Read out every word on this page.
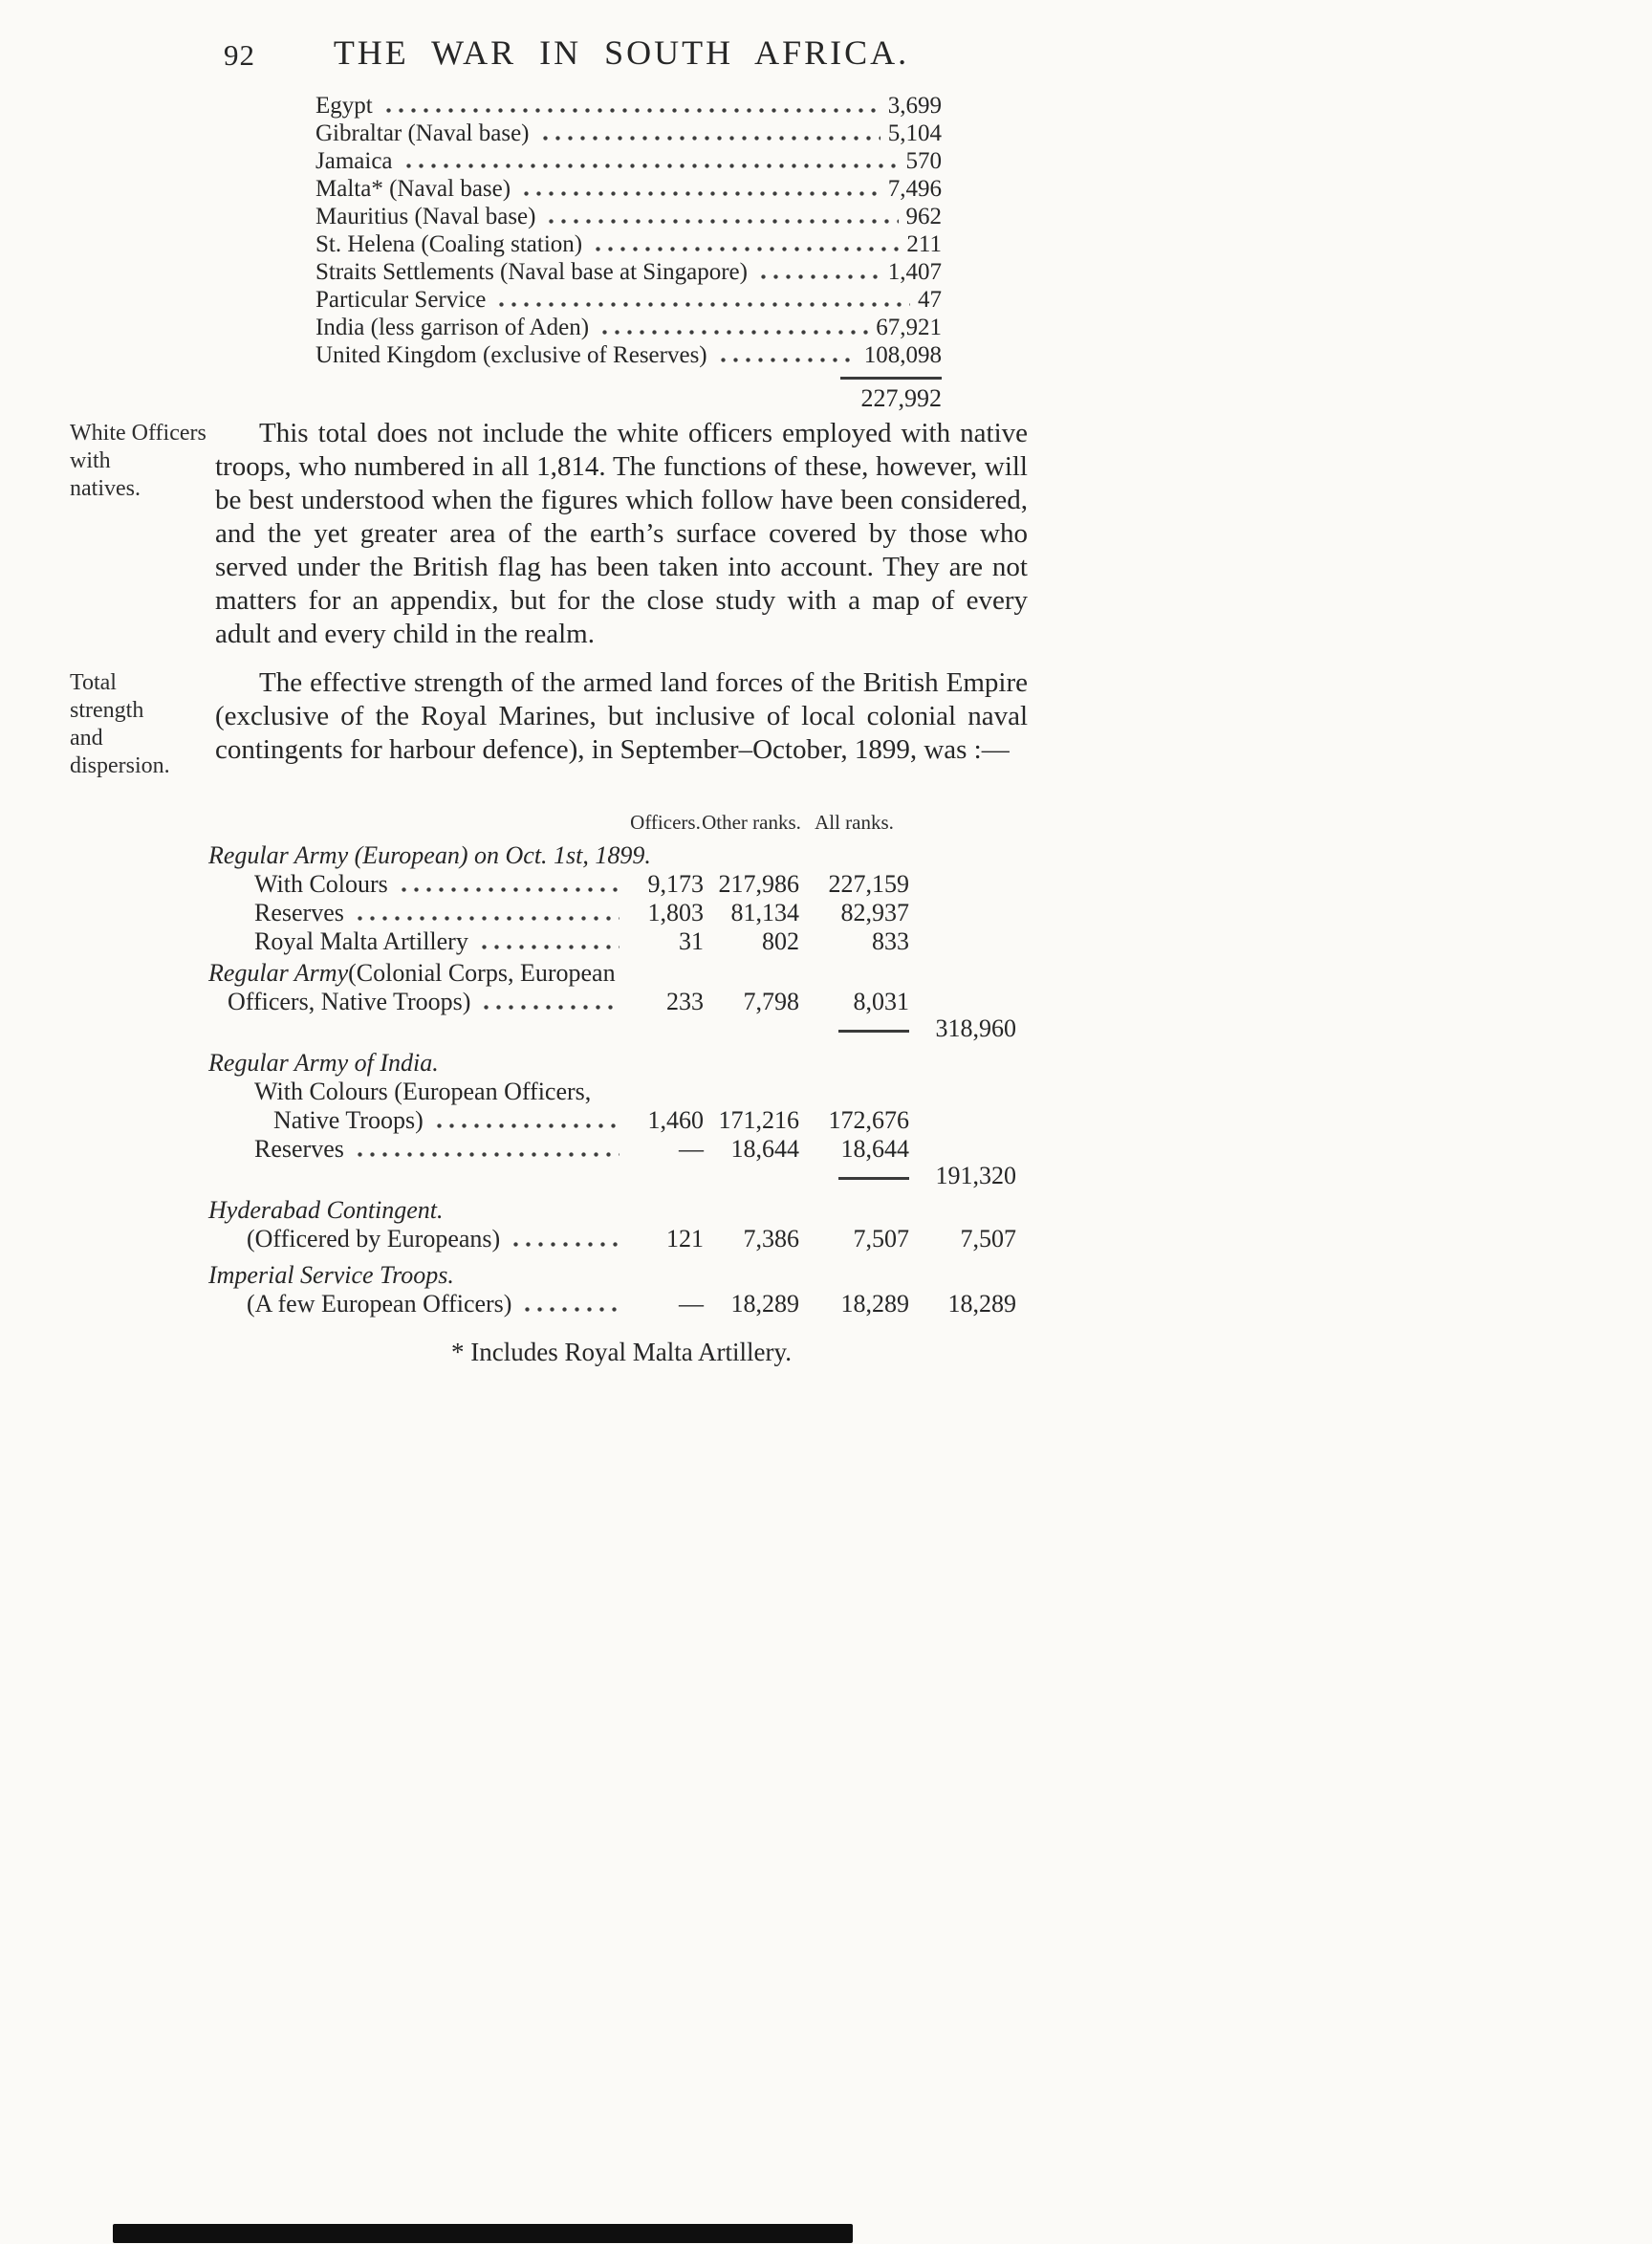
92	THE WAR IN SOUTH AFRICA.
Egypt	3,699
Gibraltar (Naval base)	5,104
Jamaica	570
Malta* (Naval base)	7,496
Mauritius (Naval base)	962
St. Helena (Coaling station)	211
Straits Settlements (Naval base at Singapore)	1,407
Particular Service	47
India (less garrison of Aden)	67,921
United Kingdom (exclusive of Reserves)	108,098
227,992
White Officers
with
natives.

This total does not include the white officers employed with native troops, who numbered in all 1,814. The functions of these, however, will be best understood when the figures which follow have been considered, and the yet greater area of the earth’s surface covered by those who served under the British flag has been taken into account. They are not matters for an appendix, but for the close study with a map of every adult and every child in the realm.

Total
strength
and
dispersion.

The effective strength of the armed land forces of the British Empire (exclusive of the Royal Marines, but inclusive of local colonial naval contingents for harbour defence), in September–October, 1899, was :—

Officers. Other ranks. All ranks.
Regular Army (European) on Oct. 1st, 1899.
With Colours	9,173 217,986	227,159
Reserves	1,803	81,134	82,937
Royal Malta Artillery	31	802	833
Regular Army (Colonial Corps, European
Officers, Native Troops)	233	7,798	8,031
318,960
Regular Army of India.
With Colours (European Officers,
Native Troops)	1,460 171,216	172,676
Reserves	—	18,644	18,644
191,320
Hyderabad Contingent.
(Officered by Europeans)	121	7,386	7,507	7,507
Imperial Service Troops.
(A few European Officers)	—	18,289	18,289	18,289
* Includes Royal Malta Artillery.
